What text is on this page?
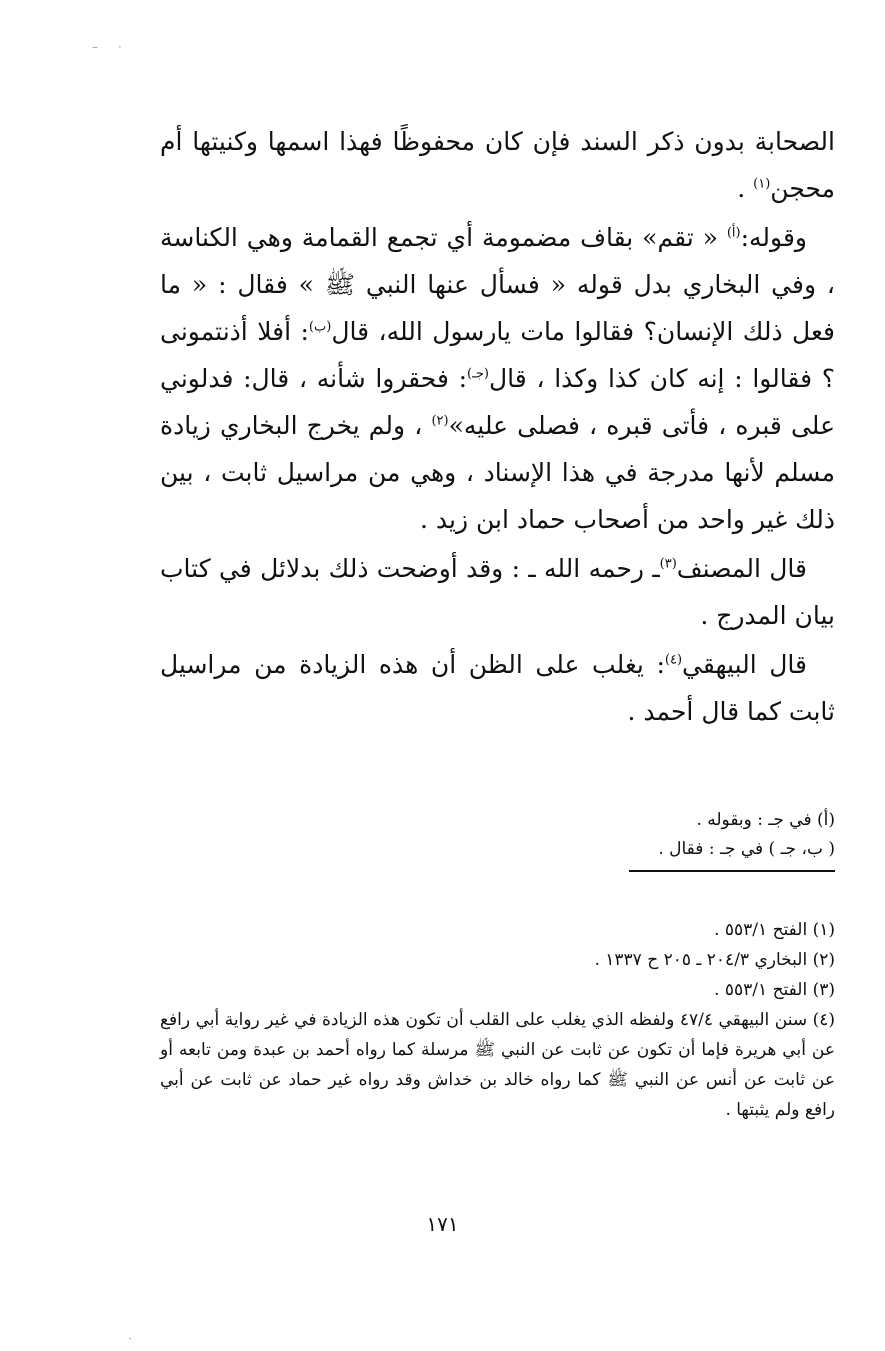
– ·

الصحابة بدون ذكر السند فإن كان محفوظًا فهذا اسمها وكنيتها أم محجن$^{(١)}$ .

وقوله:$^{(أ)}$ « تقم» بقاف مضمومة أي تجمع القمامة وهي الكناسة ، وفي البخاري بدل قوله « فسأل عنها النبي ﷺ » فقال : « ما فعل ذلك الإنسان؟ فقالوا مات يارسول الله، قال$^{(ب)}$: أفلا أذنتمونى ؟ فقالوا : إنه كان كذا وكذا ، قال$^{(جـ)}$: فحقروا شأنه ، قال: فدلوني على قبره ، فأتى قبره ، فصلى عليه»$^{(٢)}$ ، ولم يخرج البخاري زيادة مسلم لأنها مدرجة في هذا الإسناد ، وهي من مراسيل ثابت ، بين ذلك غير واحد من أصحاب حماد ابن زيد .

قال المصنف$^{(٣)}$ـ رحمه الله ـ : وقد أوضحت ذلك بدلائل في كتاب بيان المدرج .

قال البيهقي$^{(٤)}$: يغلب على الظن أن هذه الزيادة من مراسيل ثابت كما قال أحمد .

(أ) في جـ : وبقوله .
( ب، جـ ) في جـ : فقال .
(١) الفتح ٥٥٣/١ .
(٢) البخاري ٢٠٤/٣ ـ ٢٠٥ ح ١٣٣٧ .
(٣) الفتح ٥٥٣/١ .
(٤) سنن البيهقي ٤٧/٤ ولفظه الذي يغلب على القلب أن تكون هذه الزيادة في غير رواية أبي رافع عن أبي هريرة فإما أن تكون عن ثابت عن النبي ﷺ مرسلة كما رواه أحمد بن عبدة ومن تابعه أو عن ثابت عن أنس عن النبي ﷺ كما رواه خالد بن خداش وقد رواه غير حماد عن ثابت عن أبي رافع ولم يثبتها .
١٧١
·
